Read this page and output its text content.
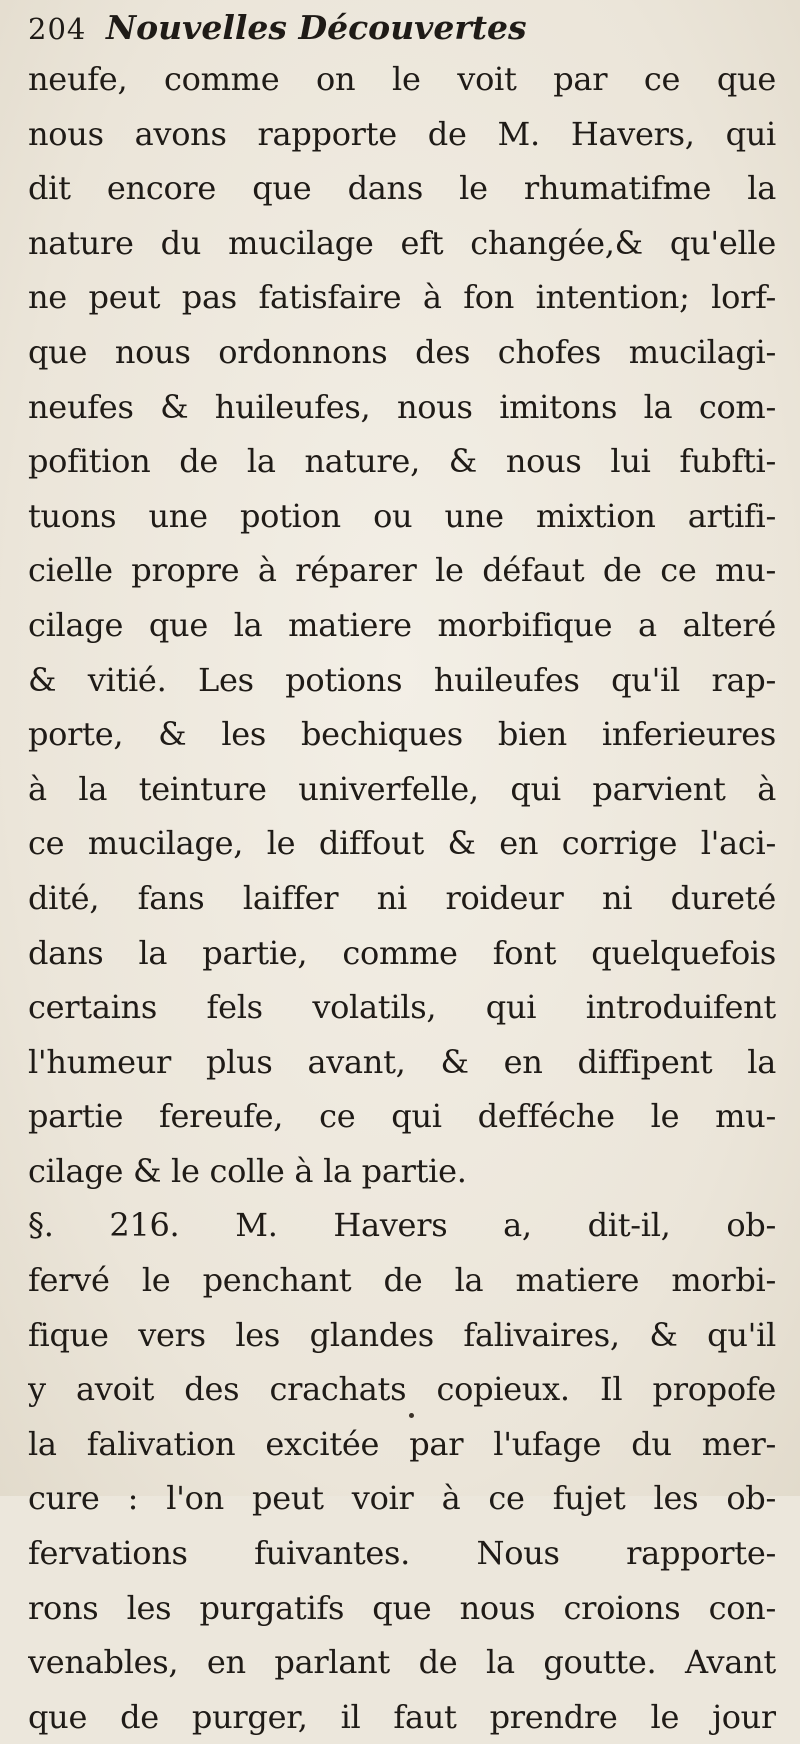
204 Nouvelles Découvertes
neufe, comme on le voit par ce que
nous avons rapporte de M. Havers, qui
dit encore que dans le rhumatifme la
nature du mucilage eft changée,& qu'elle
ne peut pas fatisfaire à fon intention; lorf-
que nous ordonnons des chofes mucilagi-
neufes & huileufes, nous imitons la com-
pofition de la nature, & nous lui fubfti-
tuons une potion ou une mixtion artifi-
cielle propre à réparer le défaut de ce mu-
cilage que la matiere morbifique a alteré
& vitié. Les potions huileufes qu'il rap-
porte, & les bechiques bien inferieures
à la teinture univerfelle, qui parvient à
ce mucilage, le diffout & en corrige l'aci-
dité, fans laiffer ni roideur ni dureté
dans la partie, comme font quelquefois
certains fels volatils, qui introduifent
l'humeur plus avant, & en diffipent la
partie fereufe, ce qui defféche le mu-
cilage & le colle à la partie.
§. 216. M. Havers a, dit-il, ob-
fervé le penchant de la matiere morbi-
fique vers les glandes falivaires, & qu'il
y avoit des crachats copieux. Il propofe
la falivation excitée par l'ufage du mer-
cure : l'on peut voir à ce fujet les ob-
fervations fuivantes. Nous rapporte-
rons les purgatifs que nous croions con-
venables, en parlant de la goutte. Avant
que de purger, il faut prendre le jour
